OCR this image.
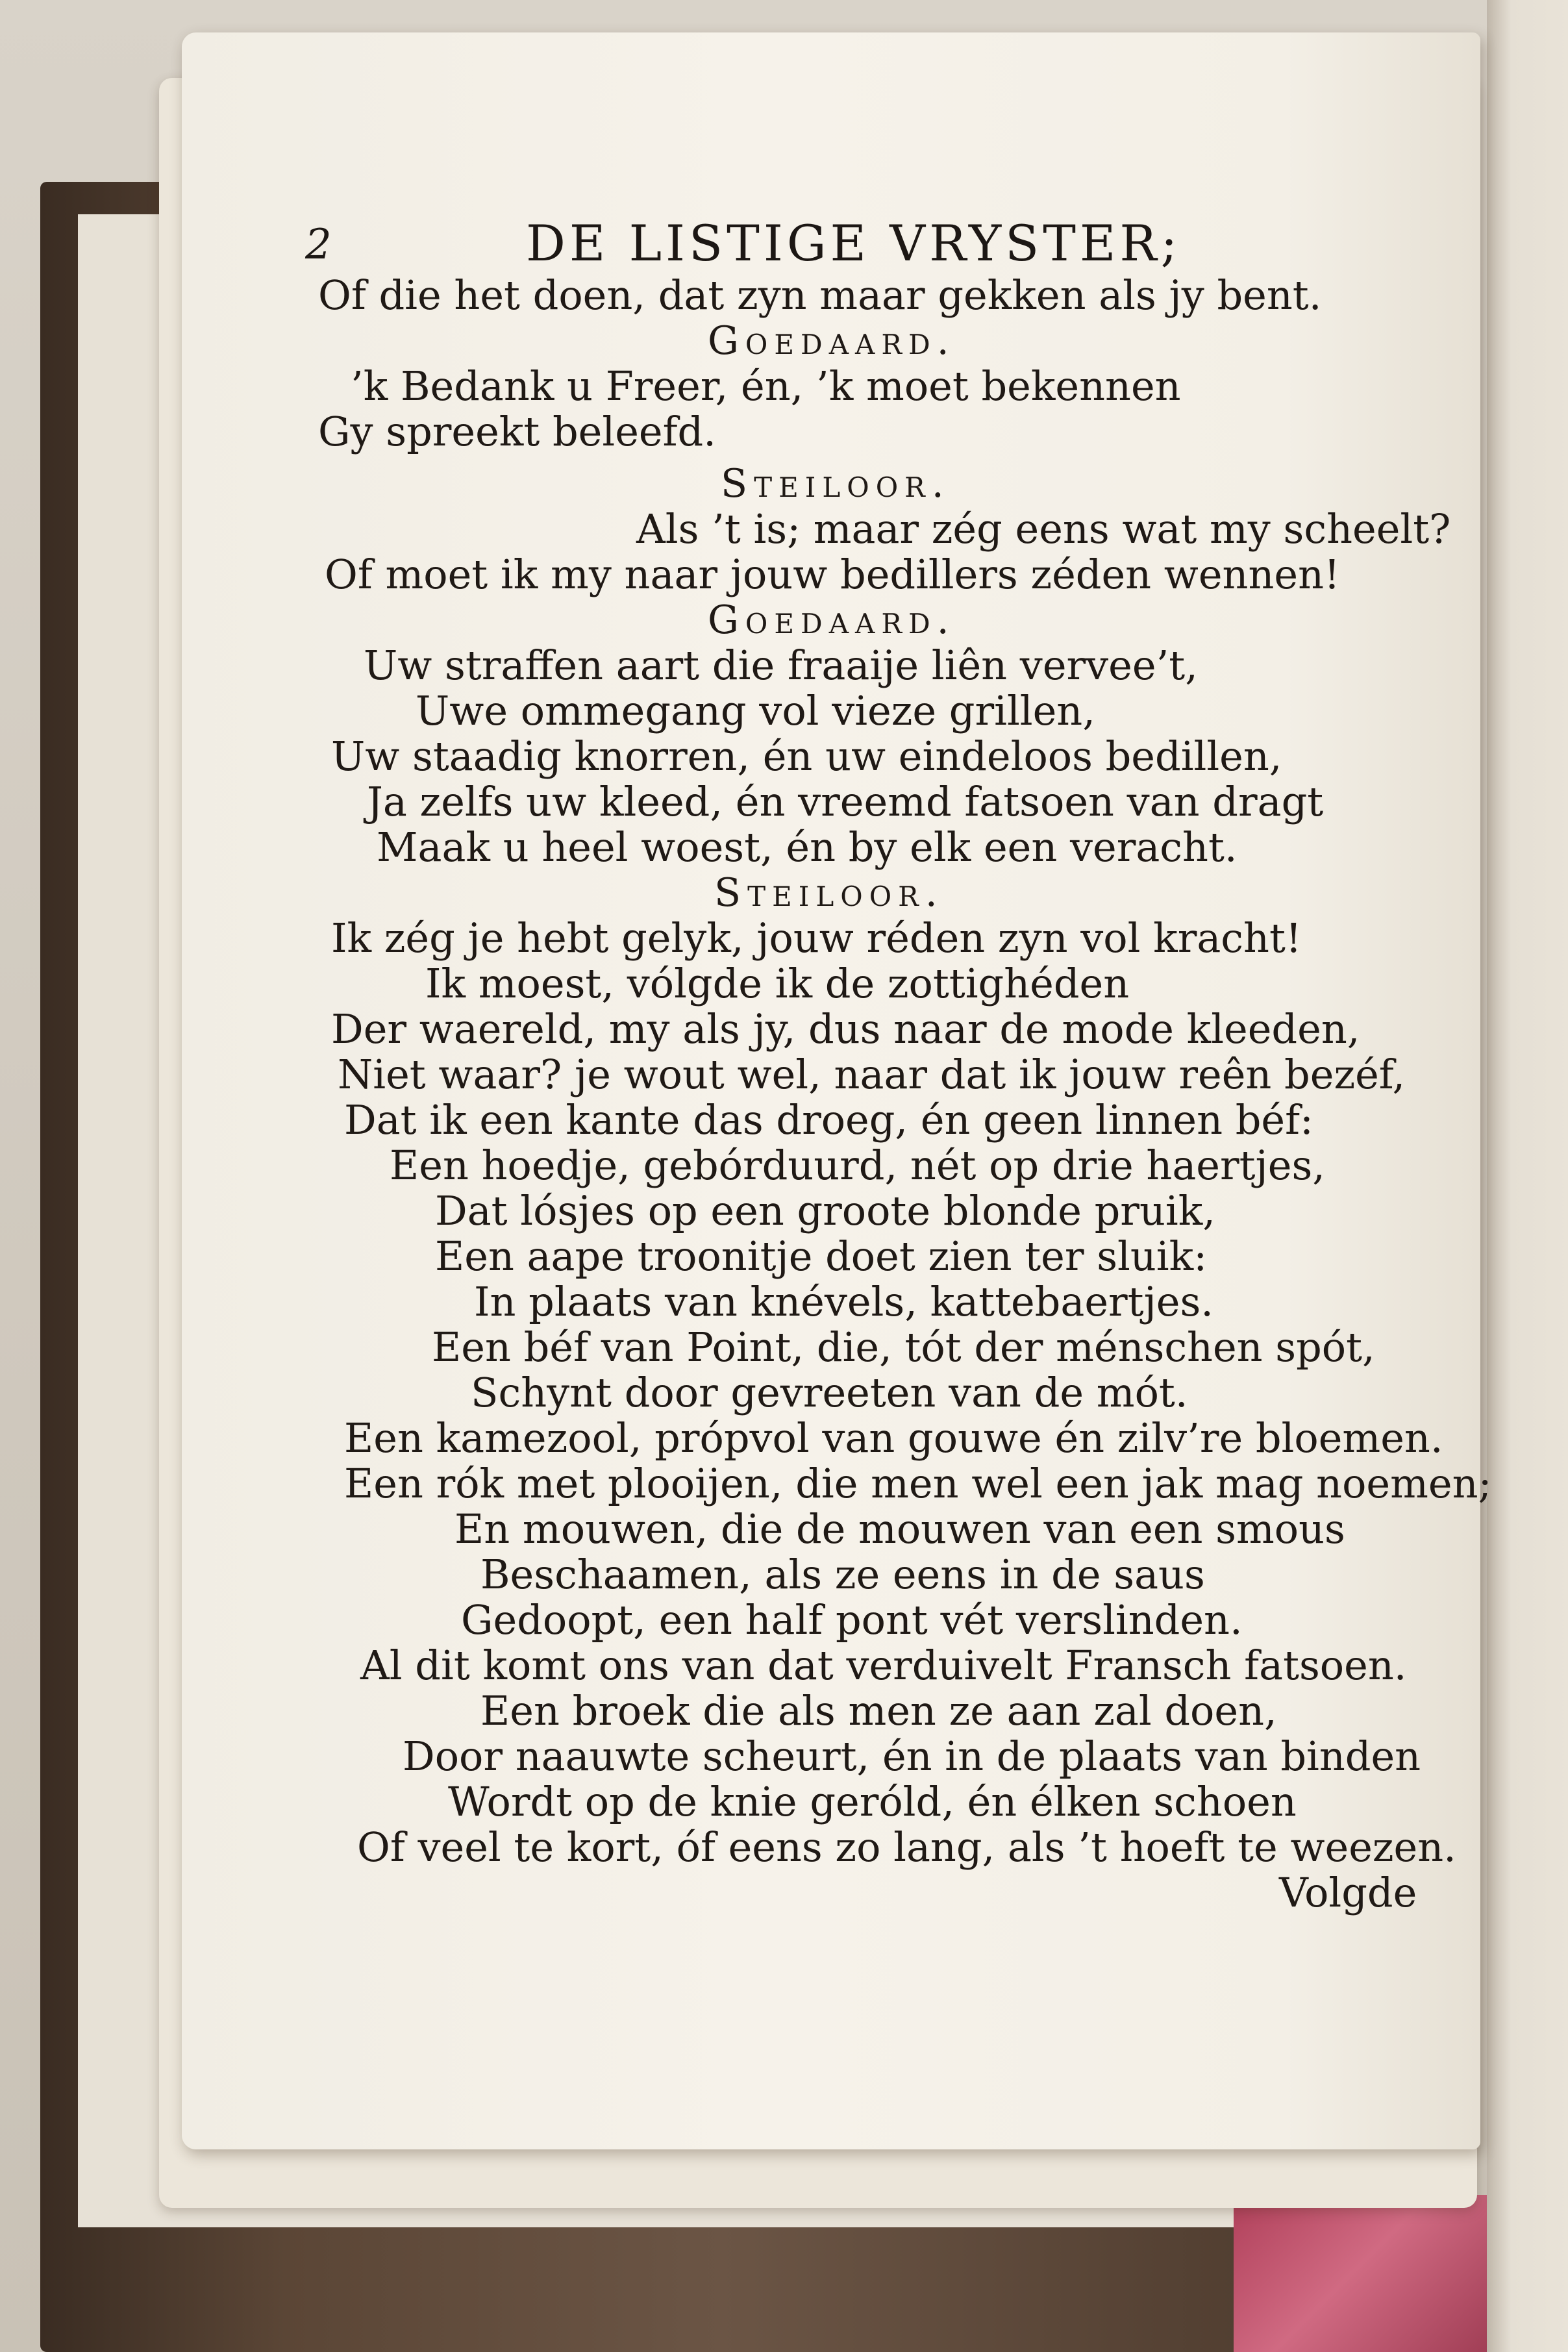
2	DE LISTIGE VRYSTER;
Of die het doen, dat zyn maar gekken als jy bent.
Goedaard.
’k Bedank u Freer, én, ’k moet bekennen
Gy spreekt beleefd.
Steiloor.
Als ’t is; maar zég eens wat my scheelt?
Of moet ik my naar jouw bedillers zéden wennen!
Goedaard.
Uw straffen aart die fraaije liên vervee’t,
Uwe ommegang vol vieze grillen,
Uw staadig knorren, én uw eindeloos bedillen,
Ja zelfs uw kleed, én vreemd fatsoen van dragt
Maak u heel woest, én by elk een veracht.
Steiloor.
Ik zég je hebt gelyk, jouw réden zyn vol kracht!
Ik moest, vólgde ik de zottighéden
Der waereld, my als jy, dus naar de mode kleeden,
Niet waar? je wout wel, naar dat ik jouw reên bezéf,
Dat ik een kante das droeg, én geen linnen béf:
Een hoedje, gebórduurd, nét op drie haertjes,
Dat lósjes op een groote blonde pruik,
Een aape troonitje doet zien ter sluik:
In plaats van knévels, kattebaertjes.
Een béf van Point, die, tót der ménschen spót,
Schynt door gevreeten van de mót.
Een kamezool, própvol van gouwe én zilv’re bloemen.
Een rók met plooijen, die men wel een jak mag noemen;
En mouwen, die de mouwen van een smous
Beschaamen, als ze eens in de saus
Gedoopt, een half pont vét verslinden.
Al dit komt ons van dat verduivelt Fransch fatsoen.
Een broek die als men ze aan zal doen,
Door naauwte scheurt, én in de plaats van binden
Wordt op de knie geróld, én élken schoen
Of veel te kort, óf eens zo lang, als ’t hoeft te weezen.
Volgde
